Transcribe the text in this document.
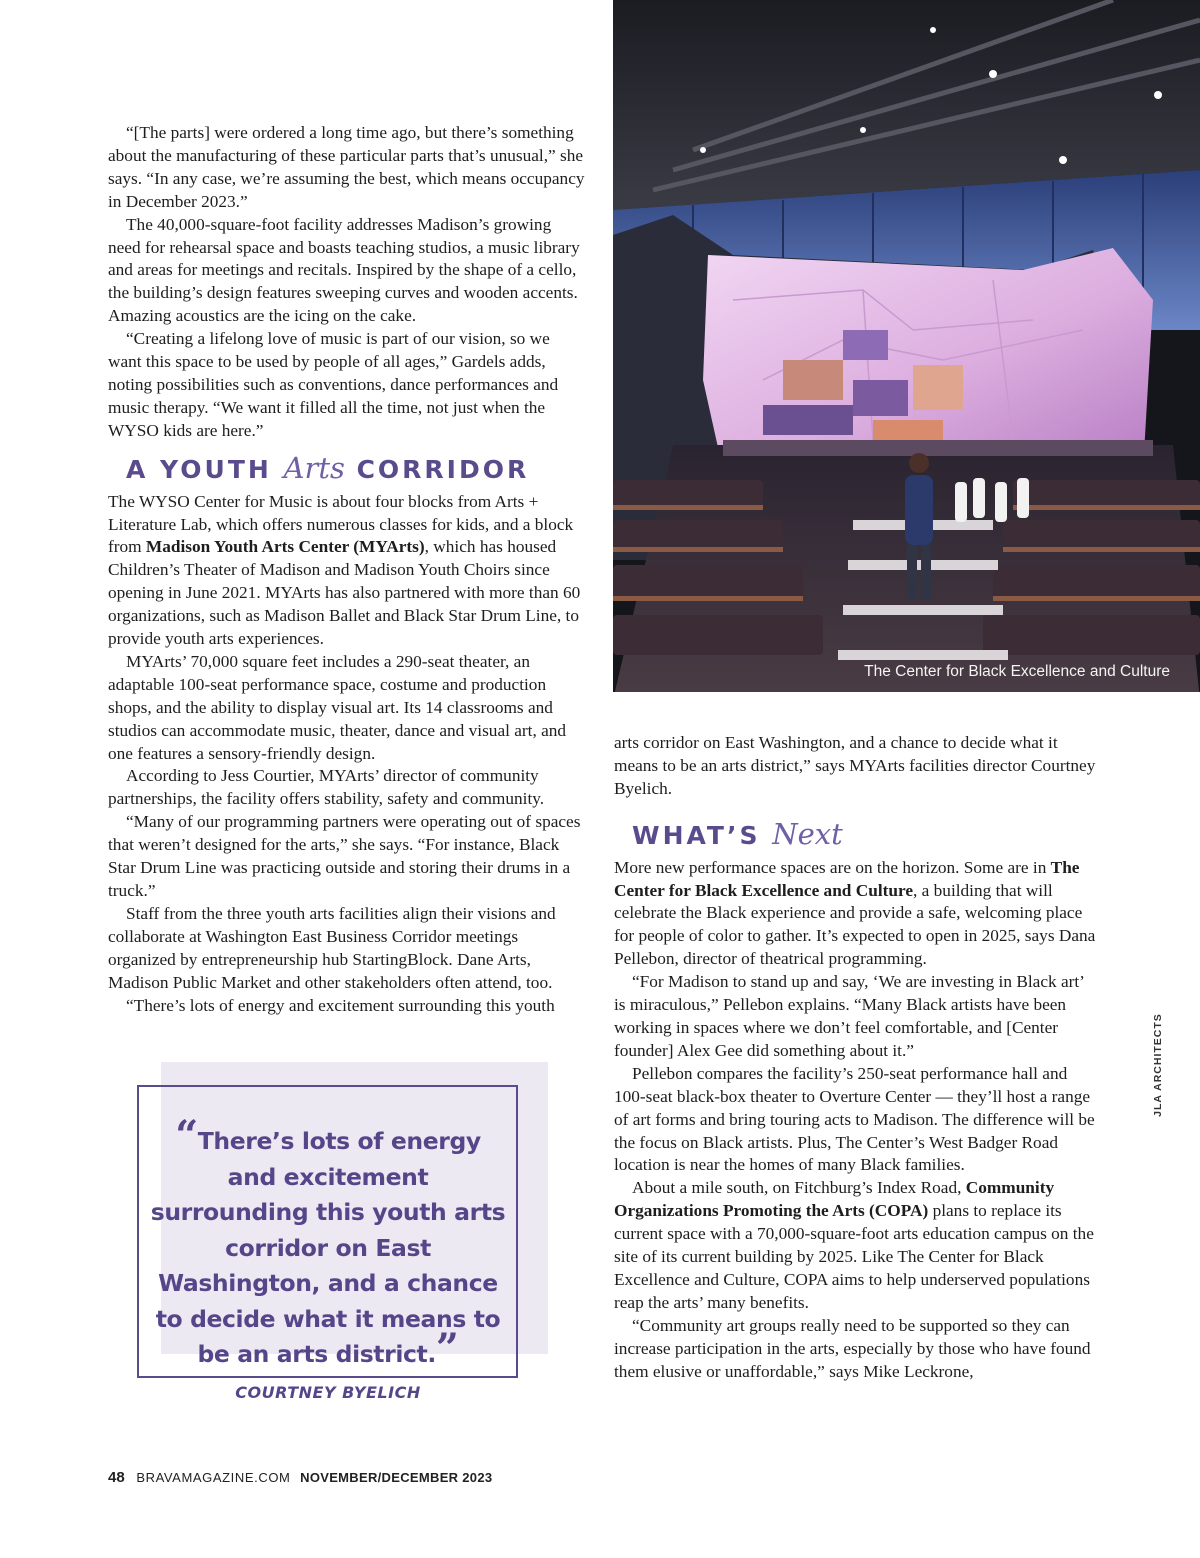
“[The parts] were ordered a long time ago, but there’s something about the manufacturing of these particular parts that’s unusual,” she says. “In any case, we’re assuming the best, which means occupancy in December 2023.”

The 40,000-square-foot facility addresses Madison’s growing need for rehearsal space and boasts teaching studios, a music library and areas for meetings and recitals. Inspired by the shape of a cello, the building’s design features sweeping curves and wooden accents. Amazing acoustics are the icing on the cake.

“Creating a lifelong love of music is part of our vision, so we want this space to be used by people of all ages,” Gardels adds, noting possibilities such as conventions, dance performances and music therapy. “We want it filled all the time, not just when the WYSO kids are here.”

A YOUTH Arts CORRIDOR

The WYSO Center for Music is about four blocks from Arts + Literature Lab, which offers numerous classes for kids, and a block from Madison Youth Arts Center (MYArts), which has housed Children’s Theater of Madison and Madison Youth Choirs since opening in June 2021. MYArts has also partnered with more than 60 organizations, such as Madison Ballet and Black Star Drum Line, to provide youth arts experiences.

MYArts’ 70,000 square feet includes a 290-seat theater, an adaptable 100-seat performance space, costume and production shops, and the ability to display visual art. Its 14 classrooms and studios can accommodate music, theater, dance and visual art, and one features a sensory-friendly design.

According to Jess Courtier, MYArts’ director of community partnerships, the facility offers stability, safety and community.

“Many of our programming partners were operating out of spaces that weren’t designed for the arts,” she says. “For instance, Black Star Drum Line was practicing outside and storing their drums in a truck.”

Staff from the three youth arts facilities align their visions and collaborate at Washington East Business Corridor meetings organized by entrepreneurship hub StartingBlock. Dane Arts, Madison Public Market and other stakeholders often attend, too.

“There’s lots of energy and excitement surrounding this youth

The Center for Black Excellence and Culture

arts corridor on East Washington, and a chance to decide what it means to be an arts district,” says MYArts facilities director Courtney Byelich.

WHAT’S Next

More new performance spaces are on the horizon. Some are in The Center for Black Excellence and Culture, a building that will celebrate the Black experience and provide a safe, welcoming place for people of color to gather. It’s expected to open in 2025, says Dana Pellebon, director of theatrical programming.

“For Madison to stand up and say, ‘We are investing in Black art’ is miraculous,” Pellebon explains. “Many Black artists have been working in spaces where we don’t feel comfortable, and [Center founder] Alex Gee did something about it.”

Pellebon compares the facility’s 250-seat performance hall and 100-seat black-box theater to Overture Center — they’ll host a range of art forms and bring touring acts to Madison. The difference will be the focus on Black artists. Plus, The Center’s West Badger Road location is near the homes of many Black families.

About a mile south, on Fitchburg’s Index Road, Community Organizations Promoting the Arts (COPA) plans to replace its current space with a 70,000-square-foot arts education campus on the site of its current building by 2025. Like The Center for Black Excellence and Culture, COPA aims to help underserved populations reap the arts’ many benefits.

“Community art groups really need to be supported so they can increase participation in the arts, especially by those who have found them elusive or unaffordable,” says Mike Leckrone,

“There’s lots of energy and excitement surrounding this youth arts corridor on East Washington, and a chance to decide what it means to be an arts district.”
COURTNEY BYELICH
JLA ARCHITECTS
48 BRAVAMAGAZINE.COM NOVEMBER/DECEMBER 2023
